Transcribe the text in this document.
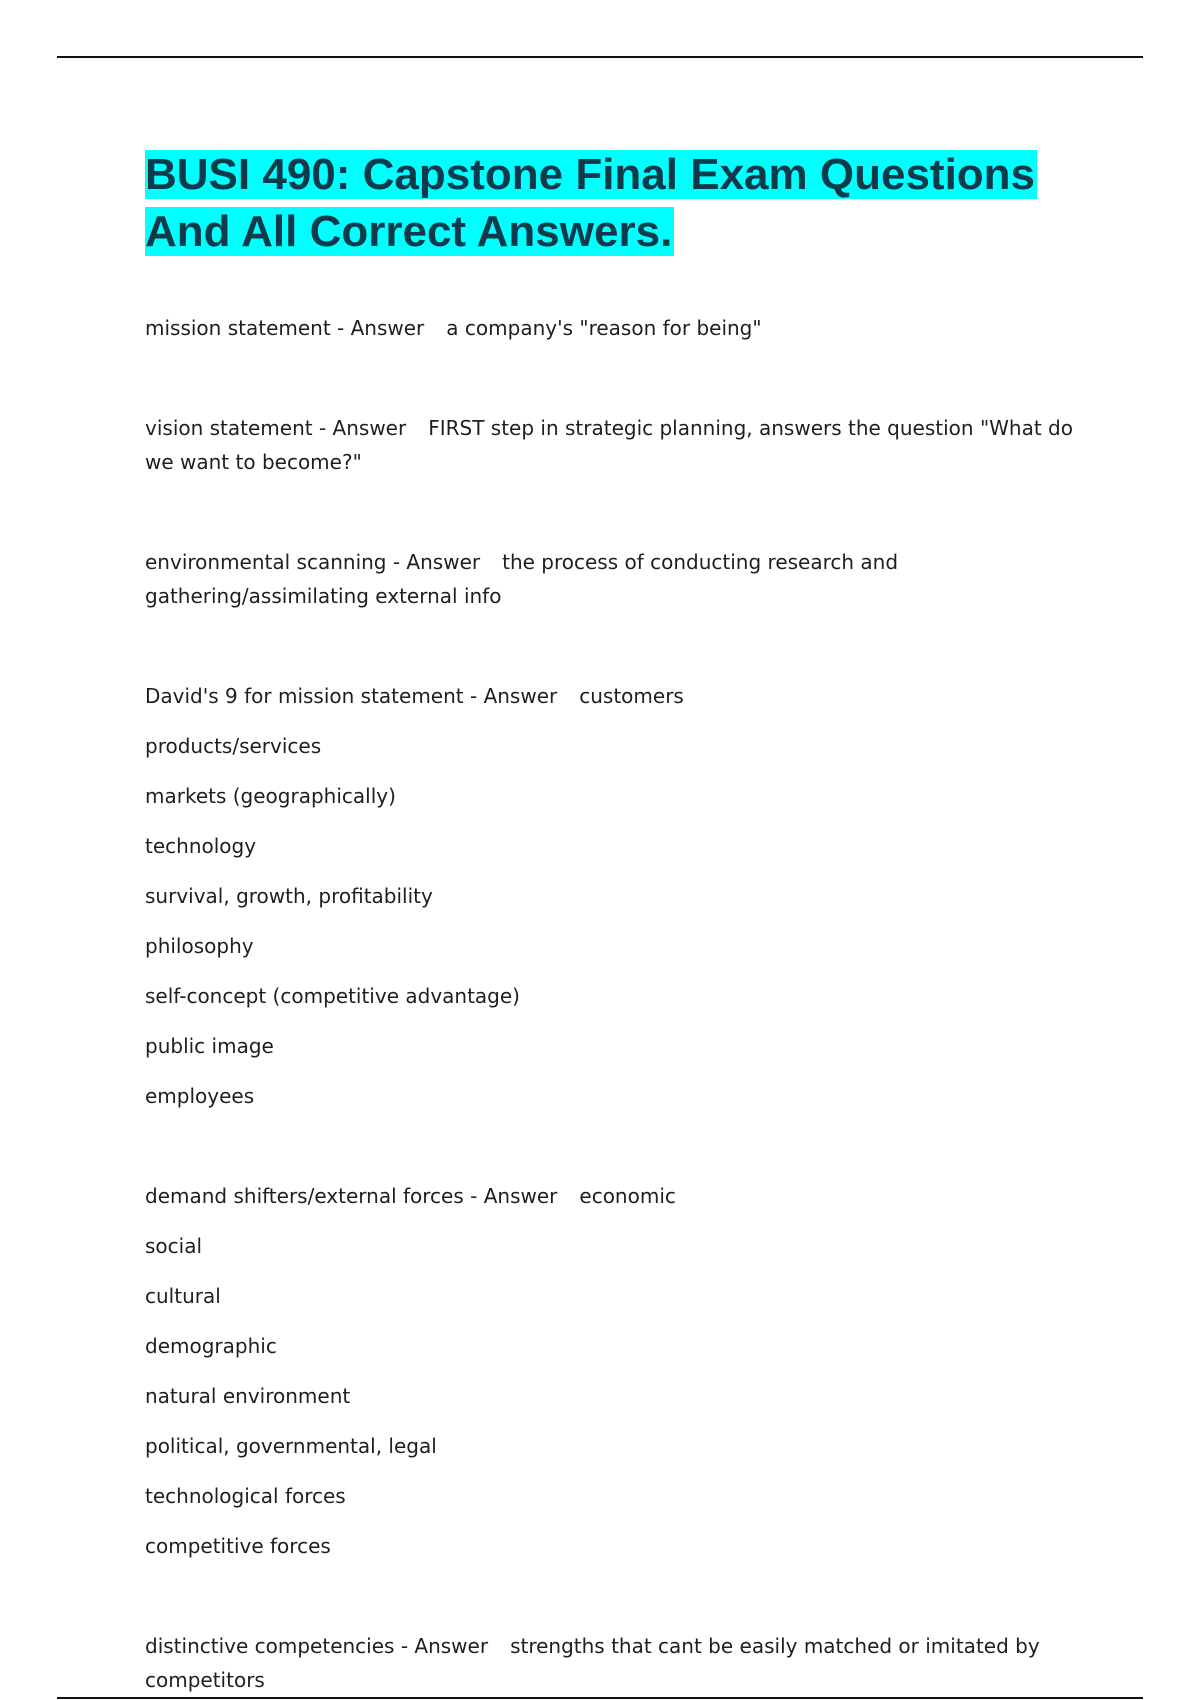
BUSI 490: Capstone Final Exam Questions And All Correct Answers.

mission statement - Answer a company's "reason for being"

vision statement - Answer FIRST step in strategic planning, answers the question "What do we want to become?"

environmental scanning - Answer the process of conducting research and gathering/assimilating external info

David's 9 for mission statement - Answer customers

products/services

markets (geographically)

technology

survival, growth, profitability

philosophy

self-concept (competitive advantage)

public image

employees

demand shifters/external forces - Answer economic

social

cultural

demographic

natural environment

political, governmental, legal

technological forces

competitive forces

distinctive competencies - Answer strengths that cant be easily matched or imitated by competitors
